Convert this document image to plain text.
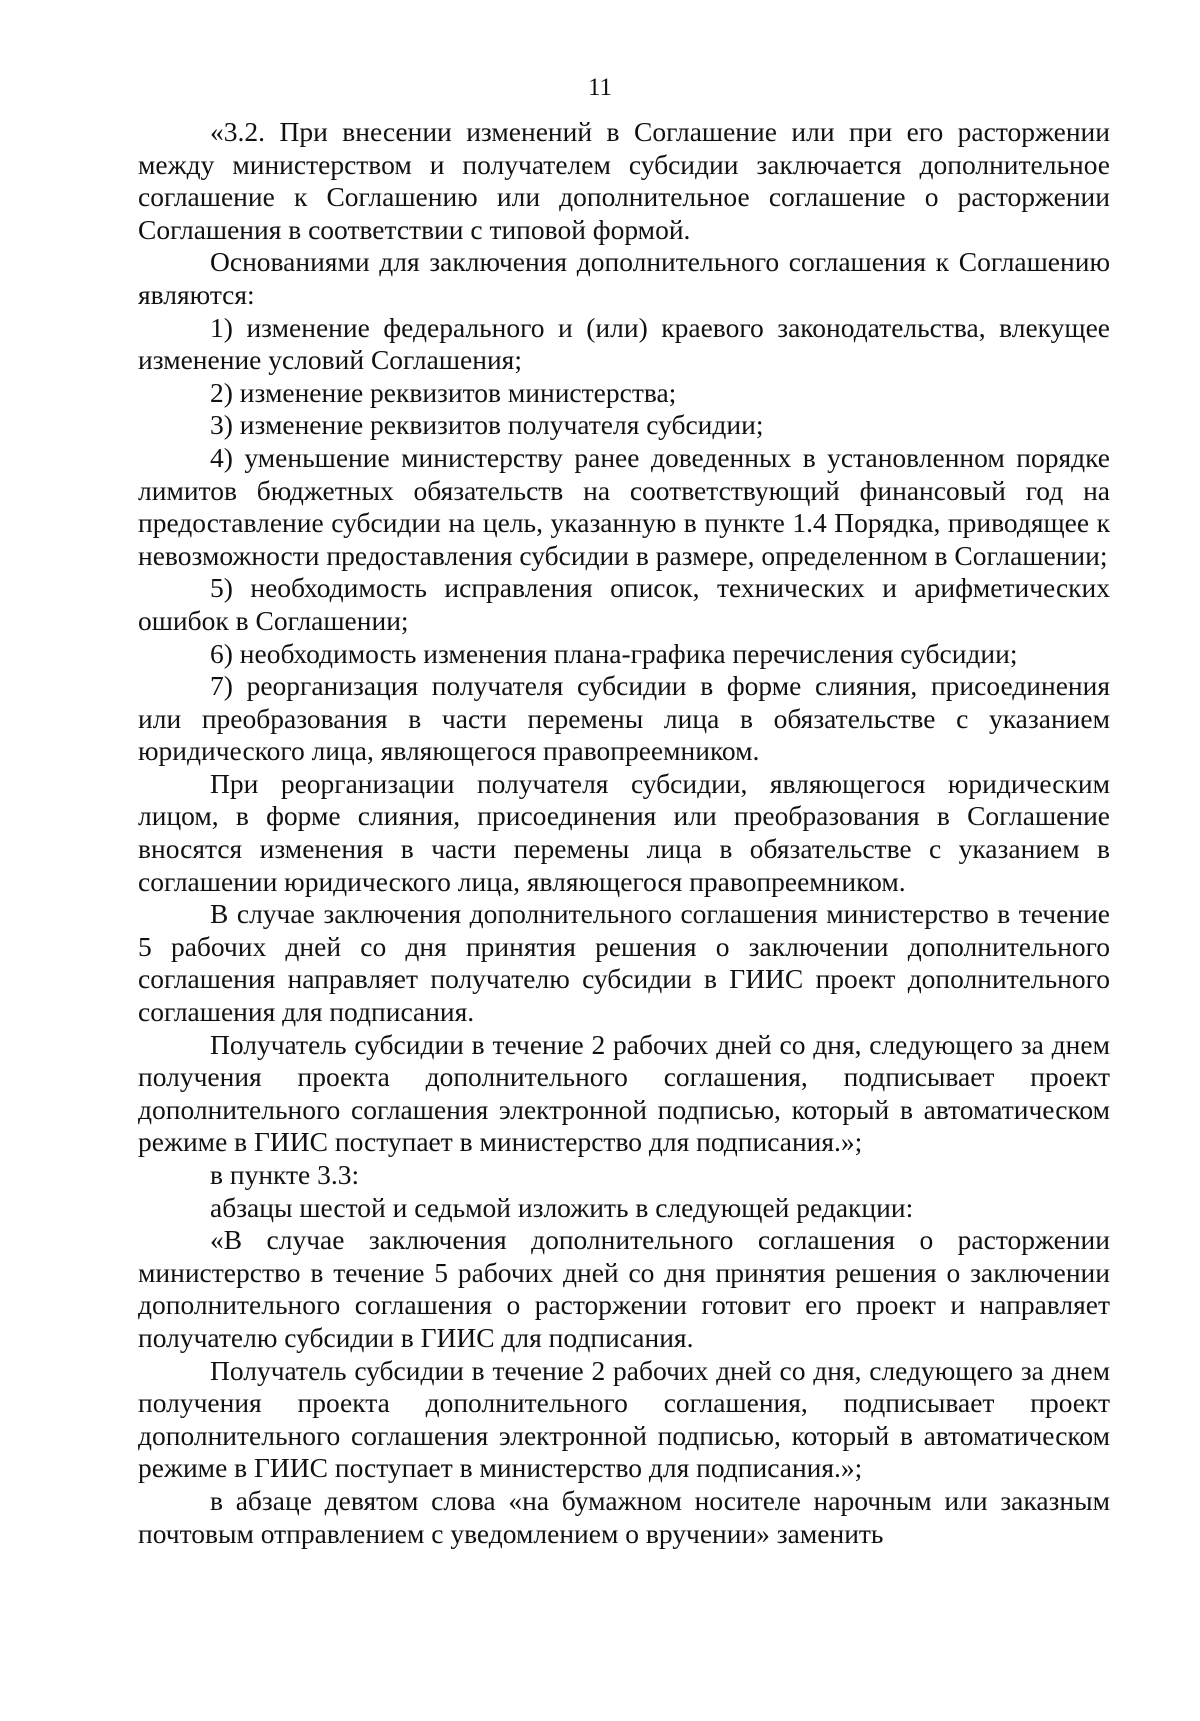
11

«3.2. При внесении изменений в Соглашение или при его расторжении между министерством и получателем субсидии заключается дополнительное соглашение к Соглашению или дополнительное соглашение о расторжении Соглашения в соответствии с типовой формой.

Основаниями для заключения дополнительного соглашения к Соглашению являются:

1) изменение федерального и (или) краевого законодательства, влекущее изменение условий Соглашения;

2) изменение реквизитов министерства;

3) изменение реквизитов получателя субсидии;

4) уменьшение министерству ранее доведенных в установленном порядке лимитов бюджетных обязательств на соответствующий финансовый год на предоставление субсидии на цель, указанную в пункте 1.4 Порядка, приводящее к невозможности предоставления субсидии в размере, определенном в Соглашении;

5) необходимость исправления описок, технических и арифметических ошибок в Соглашении;

6) необходимость изменения плана-графика перечисления субсидии;

7) реорганизация получателя субсидии в форме слияния, присоединения или преобразования в части перемены лица в обязательстве с указанием юридического лица, являющегося правопреемником.

При реорганизации получателя субсидии, являющегося юридическим лицом, в форме слияния, присоединения или преобразования в Соглашение вносятся изменения в части перемены лица в обязательстве с указанием в соглашении юридического лица, являющегося правопреемником.

В случае заключения дополнительного соглашения министерство в течение 5 рабочих дней со дня принятия решения о заключении дополнительного соглашения направляет получателю субсидии в ГИИС проект дополнительного соглашения для подписания.

Получатель субсидии в течение 2 рабочих дней со дня, следующего за днем получения проекта дополнительного соглашения, подписывает проект дополнительного соглашения электронной подписью, который в автоматическом режиме в ГИИС поступает в министерство для подписания.»;

в пункте 3.3:

абзацы шестой и седьмой изложить в следующей редакции:

«В случае заключения дополнительного соглашения о расторжении министерство в течение 5 рабочих дней со дня принятия решения о заключении дополнительного соглашения о расторжении готовит его проект и направляет получателю субсидии в ГИИС для подписания.

Получатель субсидии в течение 2 рабочих дней со дня, следующего за днем получения проекта дополнительного соглашения, подписывает проект дополнительного соглашения электронной подписью, который в автоматическом режиме в ГИИС поступает в министерство для подписания.»;

в абзаце девятом слова «на бумажном носителе нарочным или заказным почтовым отправлением с уведомлением о вручении» заменить
